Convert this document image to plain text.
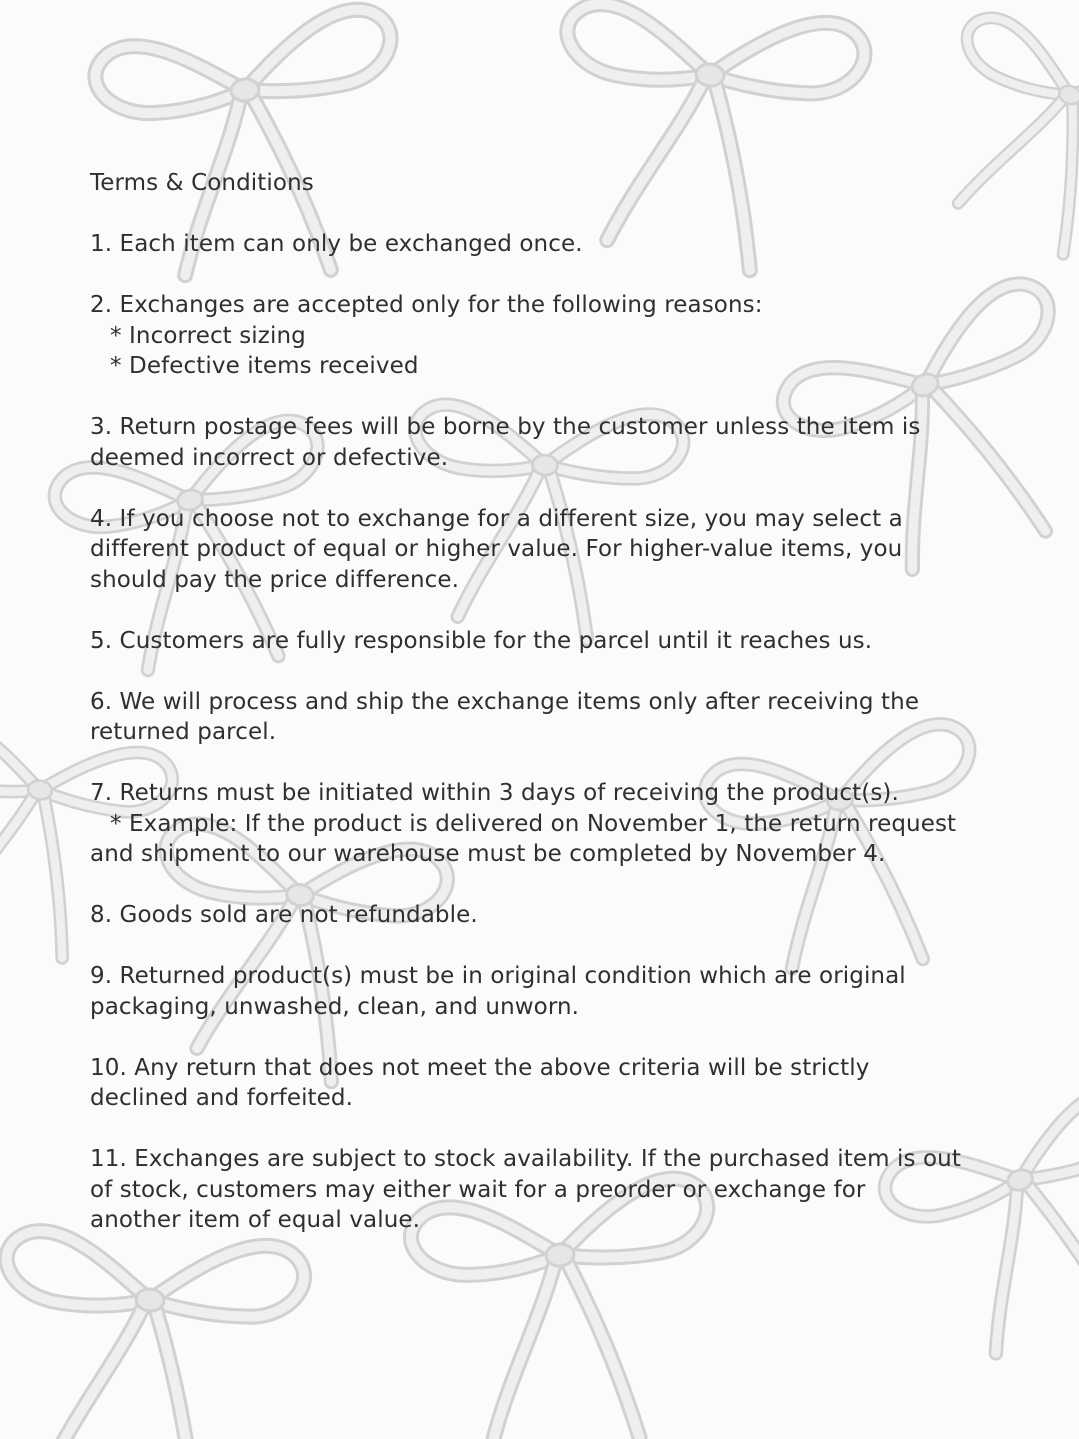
Terms & Conditions
1. Each item can only be exchanged once.
2. Exchanges are accepted only for the following reasons:
* Incorrect sizing
* Defective items received
3. Return postage fees will be borne by the customer unless the item is
deemed incorrect or defective.
4. If you choose not to exchange for a different size, you may select a
different product of equal or higher value. For higher-value items, you
should pay the price difference.
5. Customers are fully responsible for the parcel until it reaches us.
6. We will process and ship the exchange items only after receiving the
returned parcel.
7. Returns must be initiated within 3 days of receiving the product(s).
* Example: If the product is delivered on November 1, the return request
and shipment to our warehouse must be completed by November 4.
8. Goods sold are not refundable.
9. Returned product(s) must be in original condition which are original
packaging, unwashed, clean, and unworn.
10. Any return that does not meet the above criteria will be strictly
declined and forfeited.
11. Exchanges are subject to stock availability. If the purchased item is out
of stock, customers may either wait for a preorder or exchange for
another item of equal value.
